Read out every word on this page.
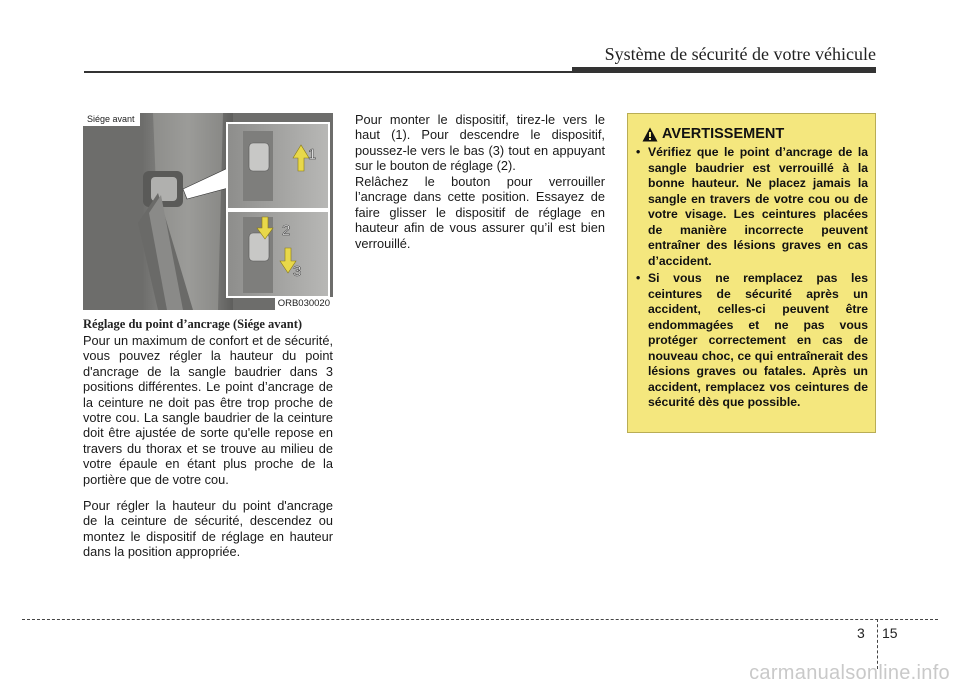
Système de sécurité de votre véhicule
1
2
3
Siége avant
ORB030020
Réglage du point d’ancrage (Siége avant)

Pour un maximum de confort et de sécurité, vous pouvez régler la hauteur du point d'ancrage de la sangle baudrier dans 3 positions différentes. Le point d’ancrage de la ceinture ne doit pas être trop proche de votre cou. La sangle baudrier de la ceinture doit être ajustée de sorte qu'elle repose en travers du thorax et se trouve au milieu de votre épaule en étant plus proche de la portière que de votre cou.

Pour régler la hauteur du point d'ancrage de la ceinture de sécurité, descendez ou montez le dispositif de réglage en hauteur dans la position appropriée.

Pour monter le dispositif, tirez-le vers le haut (1). Pour descendre le dispositif, poussez-le vers le bas (3) tout en appuyant sur le bouton de réglage (2).

Relâchez le bouton pour verrouiller l’ancrage dans cette position. Essayez de faire glisser le dispositif de réglage en hauteur afin de vous assurer qu’il est bien verrouillé.

AVERTISSEMENT
• Vérifiez que le point d’ancrage de la sangle baudrier est verrouillé à la bonne hauteur. Ne placez jamais la sangle en travers de votre cou ou de votre visage. Les ceintures placées de manière incorrecte peuvent entraîner des lésions graves en cas d’accident.
• Si vous ne remplacez pas les ceintures de sécurité après un accident, celles-ci peuvent être endommagées et ne pas vous protéger correctement en cas de nouveau choc, ce qui entraînerait des lésions graves ou fatales. Après un accident, remplacez vos ceintures de sécurité dès que possible.
3 15
carmanualsonline.info
